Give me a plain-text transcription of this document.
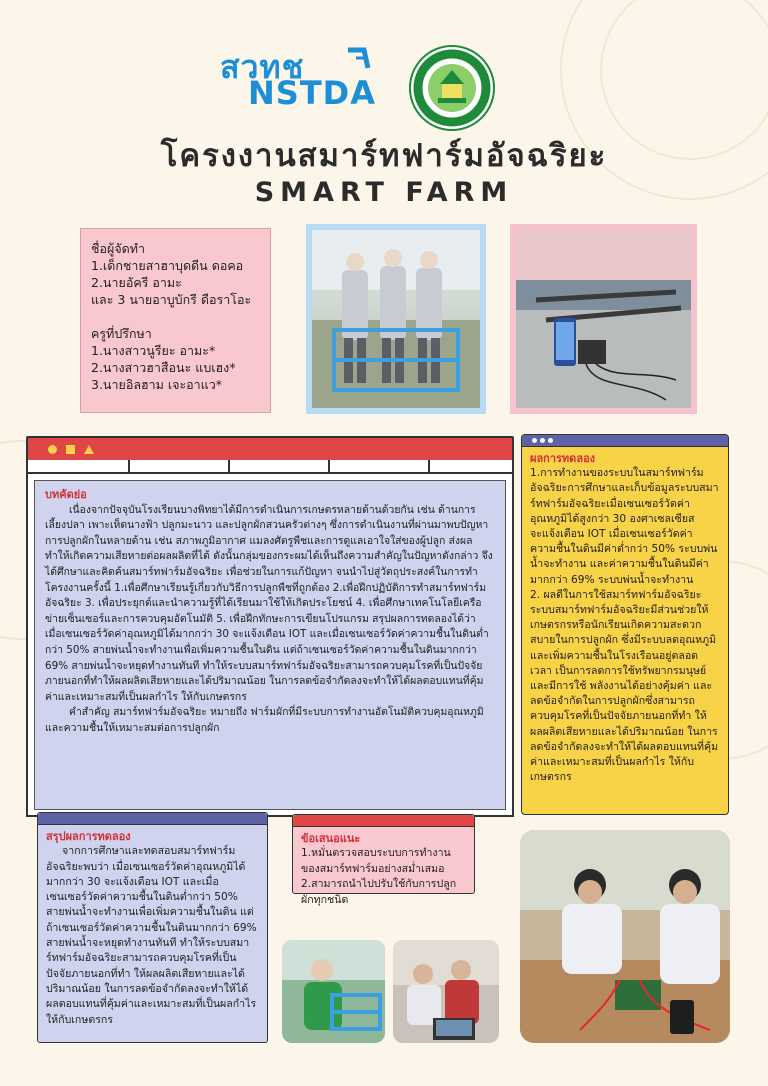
สวทช
NSTDA
โครงงานสมาร์ทฟาร์มอัจฉริยะ
SMART FARM
ชื่อผู้จัดทำ
1.เด็กชายสาฮาบุดดีน ดอคอ
2.นายอัครี อามะ
และ 3 นายอาบูบักรี ดือราโอะ
ครูที่ปรึกษา
1.นางสาวนูรียะ อามะ*
2.นางสาวฮาสือนะ แบเฮง*
3.นายอิลฮาม เจะอาแว*
บทคัดย่อ

เนื่องจากปัจจุบันโรงเรียนบางพิทยาได้มีการดำเนินการเกษตรหลายด้านด้วยกัน เช่น ด้านการเลี้ยงปลา เพาะเห็ดนางฟ้า ปลูกมะนาว และปลูกผักสวนครัวต่างๆ ซึ่งการดำเนินงานที่ผ่านมาพบปัญหาการปลูกผักในหลายด้าน เช่น สภาพภูมิอากาศ แมลงศัตรูพืชและการดูแลเอาใจใส่ของผู้ปลูก ส่งผลทำให้เกิดความเสียหายต่อผลผลิตที่ได้ ดังนั้นกลุ่มของกระผมได้เห็นถึงความสำคัญในปัญหาดังกล่าว จึงได้ศึกษาและคิดค้นสมาร์ทฟาร์มอัจฉริยะ เพื่อช่วยในการแก้ปัญหา จนนำไปสู่วัตถุประสงค์ในการทำโครงงานครั้งนี้ 1.เพื่อศึกษาเรียนรู้เกี่ยวกับวิธีการปลูกพืชที่ถูกต้อง 2.เพื่อฝึกปฏิบัติการทำสมาร์ทฟาร์มอัจฉริยะ 3. เพื่อประยุกต์และนำความรู้ที่ได้เรียนมาใช้ให้เกิดประโยชน์ 4. เพื่อศึกษาเทคโนโลยีเครือข่ายเซ็นเซอร์และการควบคุมอัตโนมัติ 5. เพื่อฝึกทักษะการเขียนโปรแกรม สรุปผลการทดลองได้ว่า เมื่อเซนเซอร์วัดค่าอุณหภูมิได้มากกว่า 30 จะแจ้งเตือน IOT และเมื่อเซนเซอร์วัดค่าความชื้นในดินต่ำกว่า 50% สายพ่นน้ำจะทำงานเพื่อเพิ่มความชื้นในดิน แต่ถ้าเซนเซอร์วัดค่าความชื้นในดินมากกว่า 69% สายพ่นน้ำจะหยุดทำงานทันที ทำให้ระบบสมาร์ทฟาร์มอัจฉริยะสามารถควบคุมโรคที่เป็นปัจจัยภายนอกที่ทำให้ผลผลิตเสียหายและได้ปริมาณน้อย ในการลดข้อจำกัดลงจะทำให้ได้ผลตอบแทนที่คุ้มค่าและเหมาะสมที่เป็นผลกำไร ให้กับเกษตรกร

คำสำคัญ สมาร์ทฟาร์มอัจฉริยะ หมายถึง ฟาร์มผักที่มีระบบการทำงานอัตโนมัติควบคุมอุณหภูมิ และความชื้นให้เหมาะสมต่อการปลูกผัก

ผลการทดลอง

1.การทำงานของระบบในสมาร์ทฟาร์มอัจฉริยะการศึกษาและเก็บข้อมูลระบบสมาร์ทฟาร์มอัจฉริยะเมื่อเซนเซอร์วัดค่าอุณหภูมิได้สูงกว่า 30 องศาเซลเซียส จะแจ้งเตือน IOT เมื่อเซนเซอร์วัดค่าความชื้นในดินมีค่าต่ำกว่า 50% ระบบพ่นน้ำจะทำงาน และค่าความชื้นในดินมีค่ามากกว่า 69% ระบบพ่นน้ำจะทำงาน

2. ผลดีในการใช้สมาร์ทฟาร์มอัจฉริยะ ระบบสมาร์ทฟาร์มอัจฉริยะมีส่วนช่วยให้เกษตรกรหรือนักเรียนเกิดความสะดวกสบายในการปลูกผัก ซึ่งมีระบบลดอุณหภูมิและเพิ่มความชื้นในโรงเรือนอยู่ตลอดเวลา เป็นการลดการใช้ทรัพยากรมนุษย์ และมีการใช้ พลังงานได้อย่างคุ้มค่า และลดข้อจำกัดในการปลูกผักซึ่งสามารถควบคุมโรคที่เป็นปัจจัยภายนอกที่ทำ ให้ผลผลิตเสียหายและได้ปริมาณน้อย ในการลดข้อจำกัดลงจะทำให้ได้ผลตอบแทนที่คุ้มค่าและเหมาะสมที่เป็นผลกำไร ให้กับเกษตรกร

สรุปผลการทดลอง

จากการศึกษาและทดสอบสมาร์ทฟาร์มอัจฉริยะพบว่า เมื่อเซนเซอร์วัดค่าอุณหภูมิได้มากกว่า 30 จะแจ้งเตือน IOT และเมื่อเซนเซอร์วัดค่าความชื้นในดินต่ำกว่า 50% สายพ่นน้ำจะทำงานเพื่อเพิ่มความชื้นในดิน แต่ถ้าเซนเซอร์วัดค่าความชื้นในดินมากกว่า 69% สายพ่นน้ำจะหยุดทำงานทันที ทำให้ระบบสมาร์ทฟาร์มอัจฉริยะสามารถควบคุมโรคที่เป็นปัจจัยภายนอกที่ทำ ให้ผลผลิตเสียหายและได้ปริมาณน้อย ในการลดข้อจำกัดลงจะทำให้ได้ผลตอบแทนที่คุ้มค่าและเหมาะสมที่เป็นผลกำไร ให้กับเกษตรกร

ข้อเสนอแนะ
1.หมั่นตรวจสอบระบบการทำงานของสมาร์ทฟาร์มอย่างสม่ำเสมอ
2.สามารถนำไปปรับใช้กับการปลูกผักทุกชนิด
